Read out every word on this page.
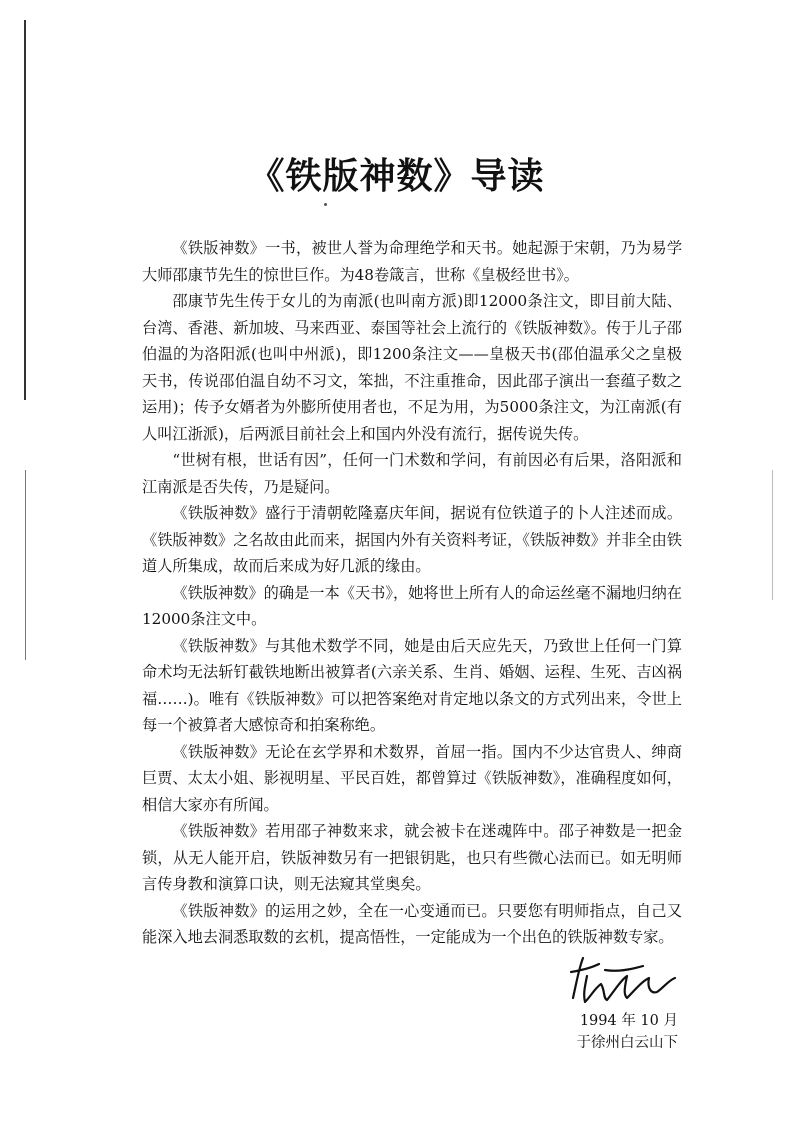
《铁版神数》导读

《铁版神数》一书，被世人誉为命理绝学和天书。她起源于宋朝，乃为易学大师邵康节先生的惊世巨作。为48卷箴言，世称《皇极经世书》。

邵康节先生传于女儿的为南派(也叫南方派)即12000条注文，即目前大陆、台湾、香港、新加坡、马来西亚、泰国等社会上流行的《铁版神数》。传于儿子邵伯温的为洛阳派(也叫中州派)，即1200条注文——皇极天书(邵伯温承父之皇极天书，传说邵伯温自幼不习文，笨拙，不注重推命，因此邵子演出一套蕴子数之运用)；传予女婿者为外膨所使用者也，不足为用，为5000条注文，为江南派(有人叫江浙派)，后两派目前社会上和国内外没有流行，据传说失传。

“世树有根，世话有因”，任何一门术数和学问，有前因必有后果，洛阳派和江南派是否失传，乃是疑问。

《铁版神数》盛行于清朝乾隆嘉庆年间，据说有位铁道子的卜人注述而成。《铁版神数》之名故由此而来，据国内外有关资料考证，《铁版神数》并非全由铁道人所集成，故而后来成为好几派的缘由。

《铁版神数》的确是一本《天书》，她将世上所有人的命运丝毫不漏地归纳在12000条注文中。

《铁版神数》与其他术数学不同，她是由后天应先天，乃致世上任何一门算命术均无法斩钉截铁地断出被算者(六亲关系、生肖、婚姻、运程、生死、吉凶祸福……)。唯有《铁版神数》可以把答案绝对肯定地以条文的方式列出来，令世上每一个被算者大感惊奇和拍案称绝。

《铁版神数》无论在玄学界和术数界，首屈一指。国内不少达官贵人、绅商巨贾、太太小姐、影视明星、平民百姓，都曾算过《铁版神数》，准确程度如何，相信大家亦有所闻。

《铁版神数》若用邵子神数来求，就会被卡在迷魂阵中。邵子神数是一把金锁，从无人能开启，铁版神数另有一把银钥匙，也只有些微心法而已。如无明师言传身教和演算口诀，则无法窥其堂奥矣。

《铁版神数》的运用之妙，全在一心变通而已。只要您有明师指点，自己又能深入地去洞悉取数的玄机，提高悟性，一定能成为一个出色的铁版神数专家。

1994 年 10 月
于徐州白云山下
